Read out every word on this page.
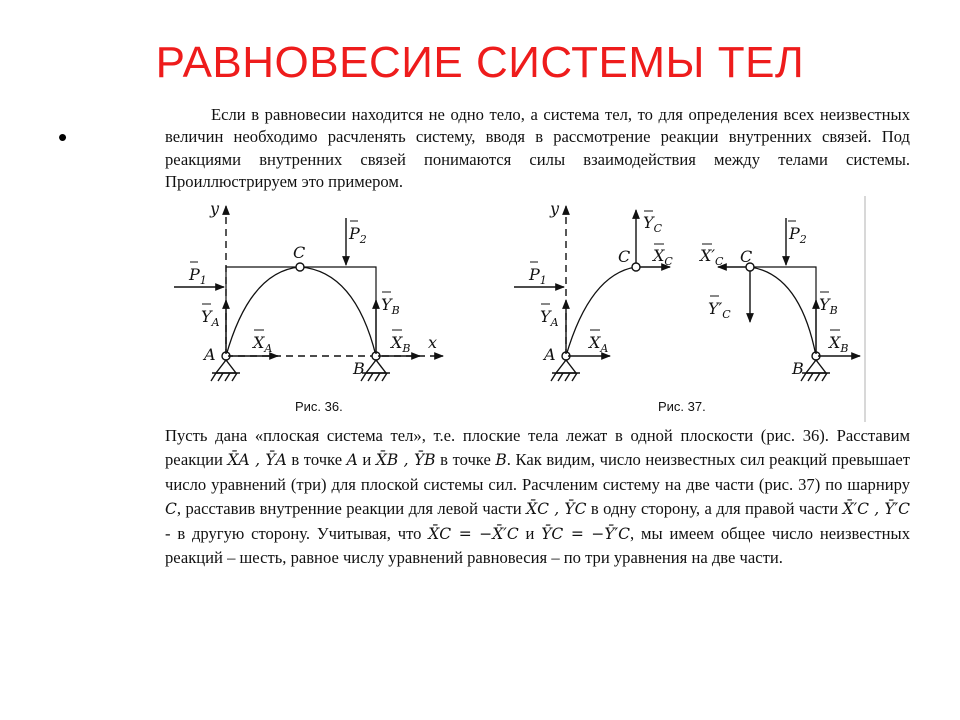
РАВНОВЕСИЕ СИСТЕМЫ ТЕЛ
•

Если в равновесии находится не одно тело, а система тел, то для определения всех неизвестных величин необходимо расчленять систему, вводя в рассмотрение реакции внутренних связей. Под реакциями внутренних связей понимаются силы взаимодействия между телами системы. Проиллюстрируем это примером.

y
x
C
A
B
$P_1$
$Y_A$
$X_A$
$P_2$
$Y_B$
$X_B$
Рис. 36.
y
C	C
A
B
$P_1$
$Y_A$
$X_A$
$Y_C$
$X_C$ $X'_C$
$Y'_C$
$P_2$
$Y_B$
$X_B$
Рис. 37.

Пусть дана «плоская система тел», т.е. плоские тела лежат в одной плоскости (рис. 36). Расставим реакции X̄A , ȲA в точке A и X̄B , ȲB в точке B. Как видим, число неизвестных сил реакций превышает число уравнений (три) для плоской системы сил. Расчленим систему на две части (рис. 37) по шарниру C, расставив внутренние реакции для левой части X̄C , ȲC в одну сторону, а для правой части X̄′C , Ȳ′C - в другую сторону. Учитывая, что X̄C = −X̄′C и ȲC = −Ȳ′C, мы имеем общее число неизвестных реакций – шесть, равное числу уравнений равновесия – по три уравнения на две части.
